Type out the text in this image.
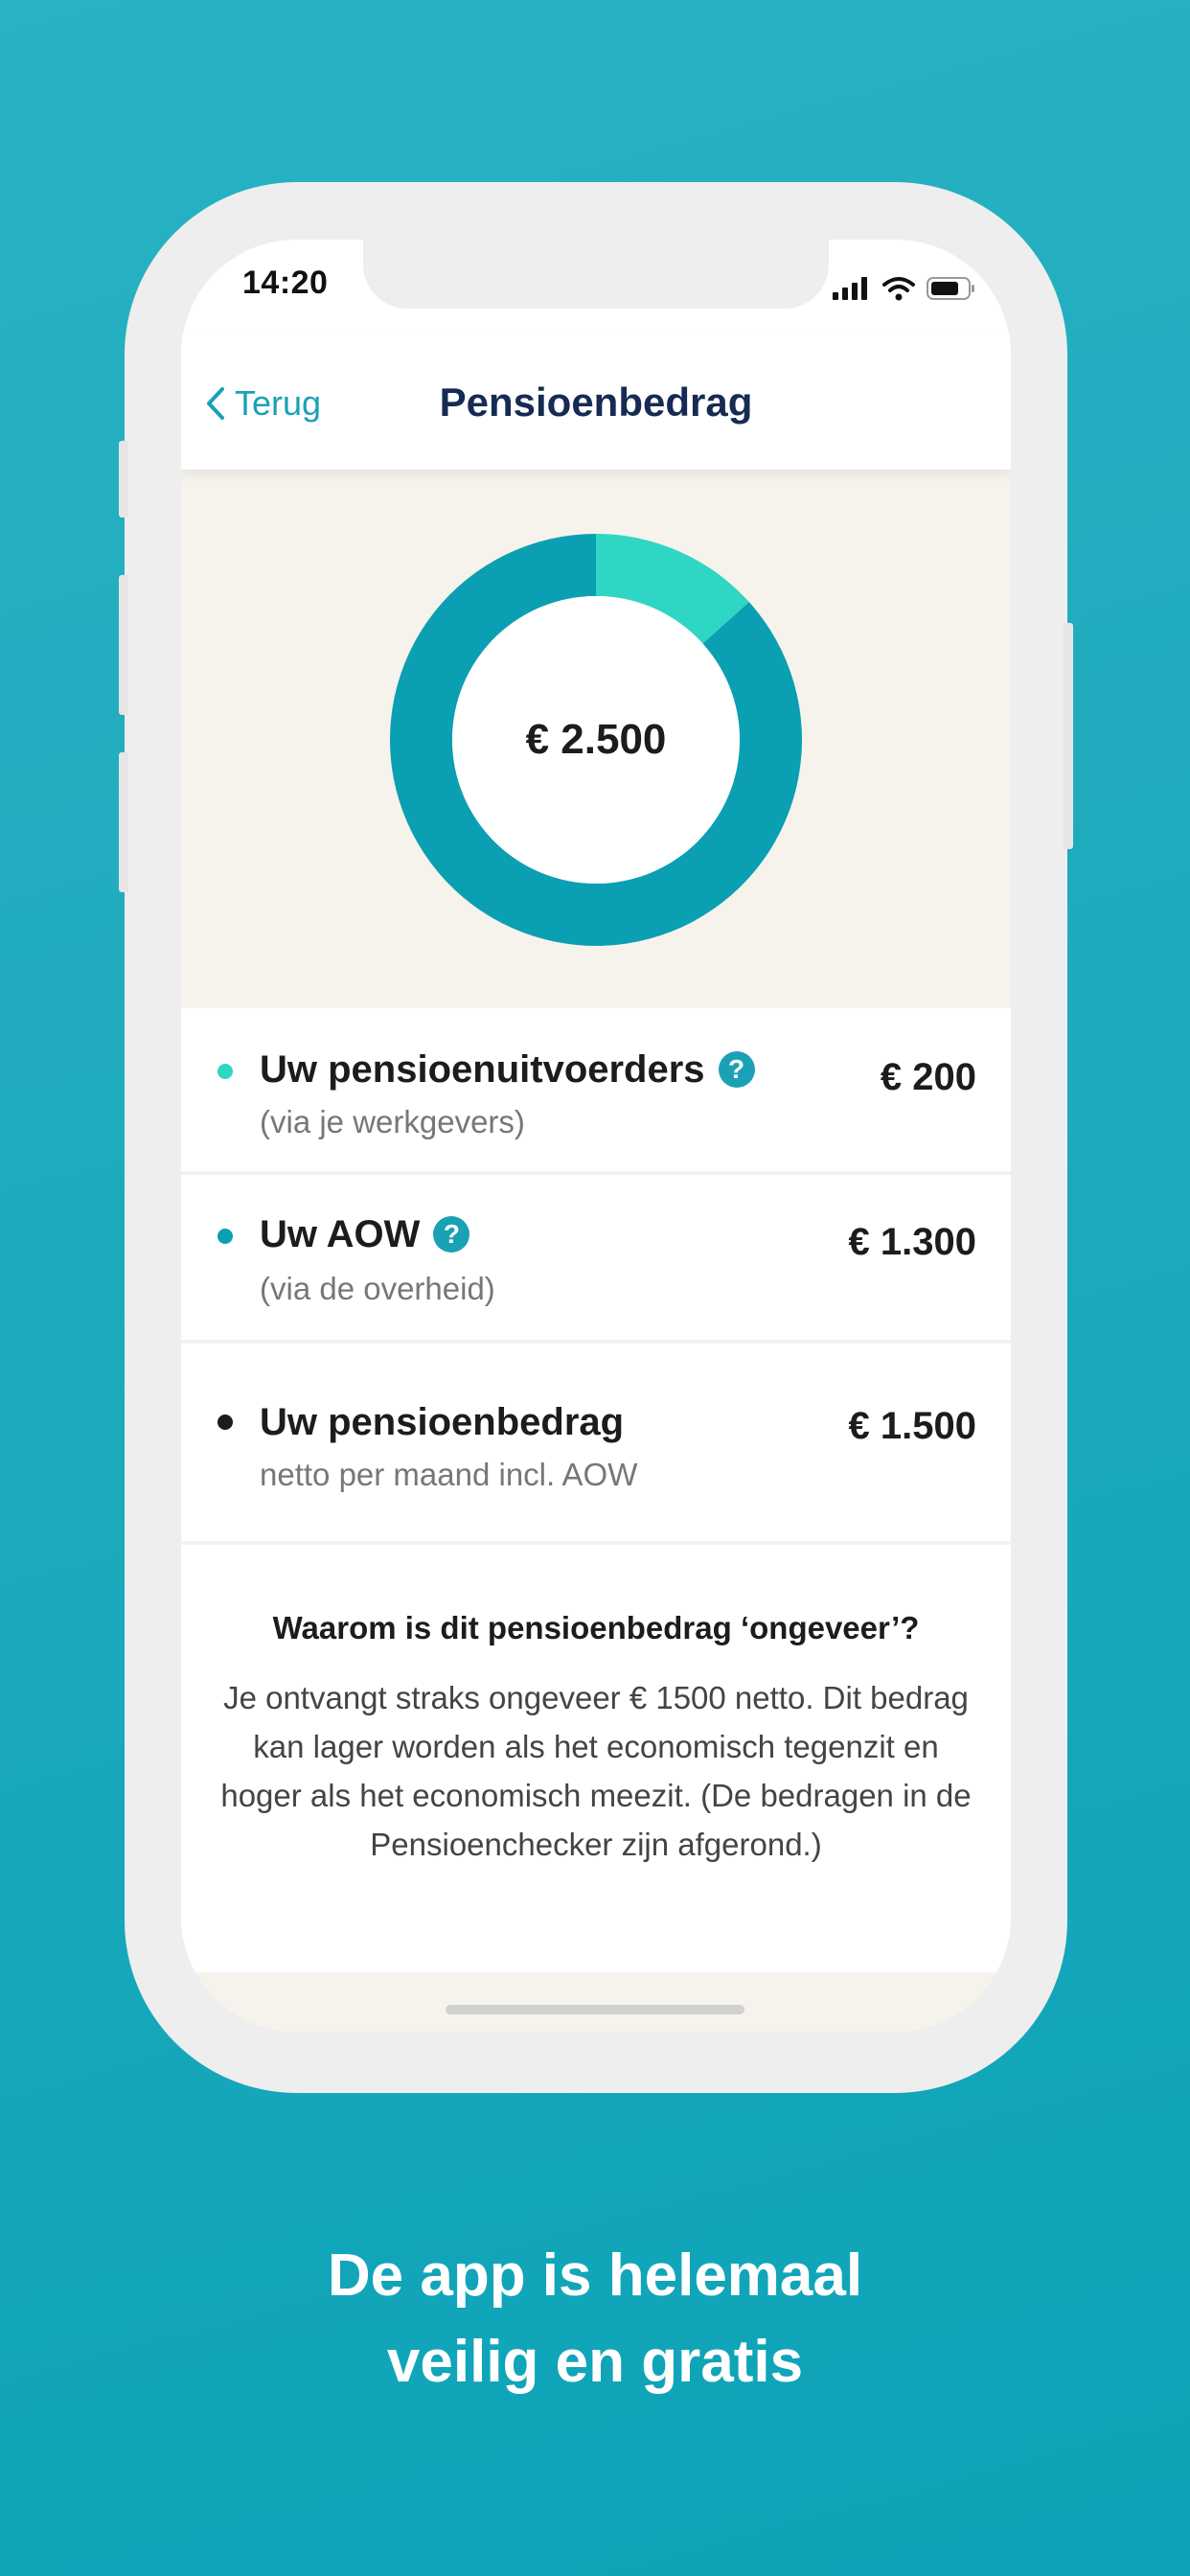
14:20
Terug	Pensioenbedrag
€ 2.500
Uw pensioenuitvoerders ?
(via je werkgevers)
€ 200
Uw AOW ?
(via de overheid)
€ 1.300
Uw pensioenbedrag
netto per maand incl. AOW
€ 1.500
Waarom is dit pensioenbedrag ‘ongeveer’?

Je ontvangt straks ongeveer € 1500 netto. Dit bedrag kan lager worden als het economisch tegenzit en hoger als het economisch meezit. (De bedragen in de Pensioenchecker zijn afgerond.)

De app is helemaal
veilig en gratis
